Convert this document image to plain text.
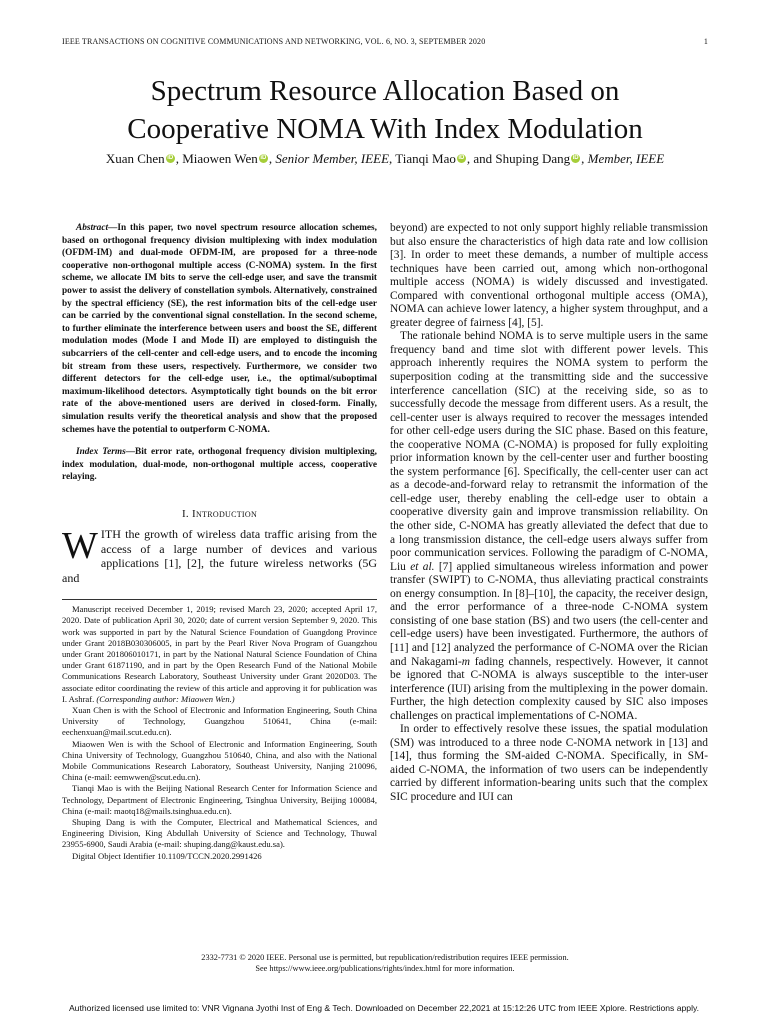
IEEE TRANSACTIONS ON COGNITIVE COMMUNICATIONS AND NETWORKING, VOL. 6, NO. 3, SEPTEMBER 2020	1
Spectrum Resource Allocation Based on
Cooperative NOMA With Index Modulation
Xuan Chen iD , Miaowen Wen iD , Senior Member, IEEE, Tianqi Mao iD , and Shuping Dang iD , Member, IEEE

Abstract—In this paper, two novel spectrum resource allocation schemes, based on orthogonal frequency division multiplexing with index modulation (OFDM-IM) and dual-mode OFDM-IM, are proposed for a three-node cooperative non-orthogonal multiple access (C-NOMA) system. In the first scheme, we allocate IM bits to serve the cell-edge user, and save the transmit power to assist the delivery of constellation symbols. Alternatively, constrained by the spectral efficiency (SE), the rest information bits of the cell-edge user can be carried by the conventional signal constellation. In the second scheme, to further eliminate the interference between users and boost the SE, different modulation modes (Mode I and Mode II) are employed to distinguish the subcarriers of the cell-center and cell-edge users, and to encode the incoming bit stream from these users, respectively. Furthermore, we consider two different detectors for the cell-edge user, i.e., the optimal/suboptimal maximum-likelihood detectors. Asymptotically tight bounds on the bit error rate of the above-mentioned users are derived in closed-form. Finally, simulation results verify the theoretical analysis and show that the proposed schemes have the potential to outperform C-NOMA.

Index Terms—Bit error rate, orthogonal frequency division multiplexing, index modulation, dual-mode, non-orthogonal multiple access, cooperative relaying.

I. Introduction

WITH the growth of wireless data traffic arising from the access of a large number of devices and various applications [1], [2], the future wireless networks (5G and

Manuscript received December 1, 2019; revised March 23, 2020; accepted April 17, 2020. Date of publication April 30, 2020; date of current version September 9, 2020. This work was supported in part by the Natural Science Foundation of Guangdong Province under Grant 2018B030306005, in part by the Pearl River Nova Program of Guangzhou under Grant 201806010171, in part by the National Natural Science Foundation of China under Grant 61871190, and in part by the Open Research Fund of the National Mobile Communications Research Laboratory, Southeast University under Grant 2020D03. The associate editor coordinating the review of this article and approving it for publication was I. Ashraf. (Corresponding author: Miaowen Wen.)

Xuan Chen is with the School of Electronic and Information Engineering, South China University of Technology, Guangzhou 510641, China (e-mail: eechenxuan@mail.scut.edu.cn).

Miaowen Wen is with the School of Electronic and Information Engineering, South China University of Technology, Guangzhou 510640, China, and also with the National Mobile Communications Research Laboratory, Southeast University, Nanjing 210096, China (e-mail: eemwwen@scut.edu.cn).

Tianqi Mao is with the Beijing National Research Center for Information Science and Technology, Department of Electronic Engineering, Tsinghua University, Beijing 100084, China (e-mail: maotq18@mails.tsinghua.edu.cn).

Shuping Dang is with the Computer, Electrical and Mathematical Sciences, and Engineering Division, King Abdullah University of Science and Technology, Thuwal 23955-6900, Saudi Arabia (e-mail: shuping.dang@kaust.edu.sa).

Digital Object Identifier 10.1109/TCCN.2020.2991426

beyond) are expected to not only support highly reliable transmission but also ensure the characteristics of high data rate and low collision [3]. In order to meet these demands, a number of multiple access techniques have been carried out, among which non-orthogonal multiple access (NOMA) is widely discussed and investigated. Compared with conventional orthogonal multiple access (OMA), NOMA can achieve lower latency, a higher system throughput, and a greater degree of fairness [4], [5].

The rationale behind NOMA is to serve multiple users in the same frequency band and time slot with different power levels. This approach inherently requires the NOMA system to perform the superposition coding at the transmitting side and the successive interference cancellation (SIC) at the receiving side, so as to successfully decode the message from different users. As a result, the cell-center user is always required to recover the messages intended for other cell-edge users during the SIC phase. Based on this feature, the cooperative NOMA (C-NOMA) is proposed for fully exploiting prior information known by the cell-center user and further boosting the system performance [6]. Specifically, the cell-center user can act as a decode-and-forward relay to retransmit the information of the cell-edge user, thereby enabling the cell-edge user to obtain a cooperative diversity gain and improve transmission reliability. On the other side, C-NOMA has greatly alleviated the defect that due to a long transmission distance, the cell-edge users always suffer from poor communication services. Following the paradigm of C-NOMA, Liu et al. [7] applied simultaneous wireless information and power transfer (SWIPT) to C-NOMA, thus alleviating practical constraints on energy consumption. In [8]–[10], the capacity, the receiver design, and the error performance of a three-node C-NOMA system consisting of one base station (BS) and two users (the cell-center and cell-edge users) have been investigated. Furthermore, the authors of [11] and [12] analyzed the performance of C-NOMA over the Rician and Nakagami-m fading channels, respectively. However, it cannot be ignored that C-NOMA is always susceptible to the inter-user interference (IUI) arising from the multiplexing in the power domain. Further, the high detection complexity caused by SIC also imposes challenges on practical implementations of C-NOMA.

In order to effectively resolve these issues, the spatial modulation (SM) was introduced to a three node C-NOMA network in [13] and [14], thus forming the SM-aided C-NOMA. Specifically, in SM-aided C-NOMA, the information of two users can be independently carried by different information-bearing units such that the complex SIC procedure and IUI can

2332-7731 © 2020 IEEE. Personal use is permitted, but republication/redistribution requires IEEE permission.
See https://www.ieee.org/publications/rights/index.html for more information.
Authorized licensed use limited to: VNR Vignana Jyothi Inst of Eng & Tech. Downloaded on December 22,2021 at 15:12:26 UTC from IEEE Xplore. Restrictions apply.
